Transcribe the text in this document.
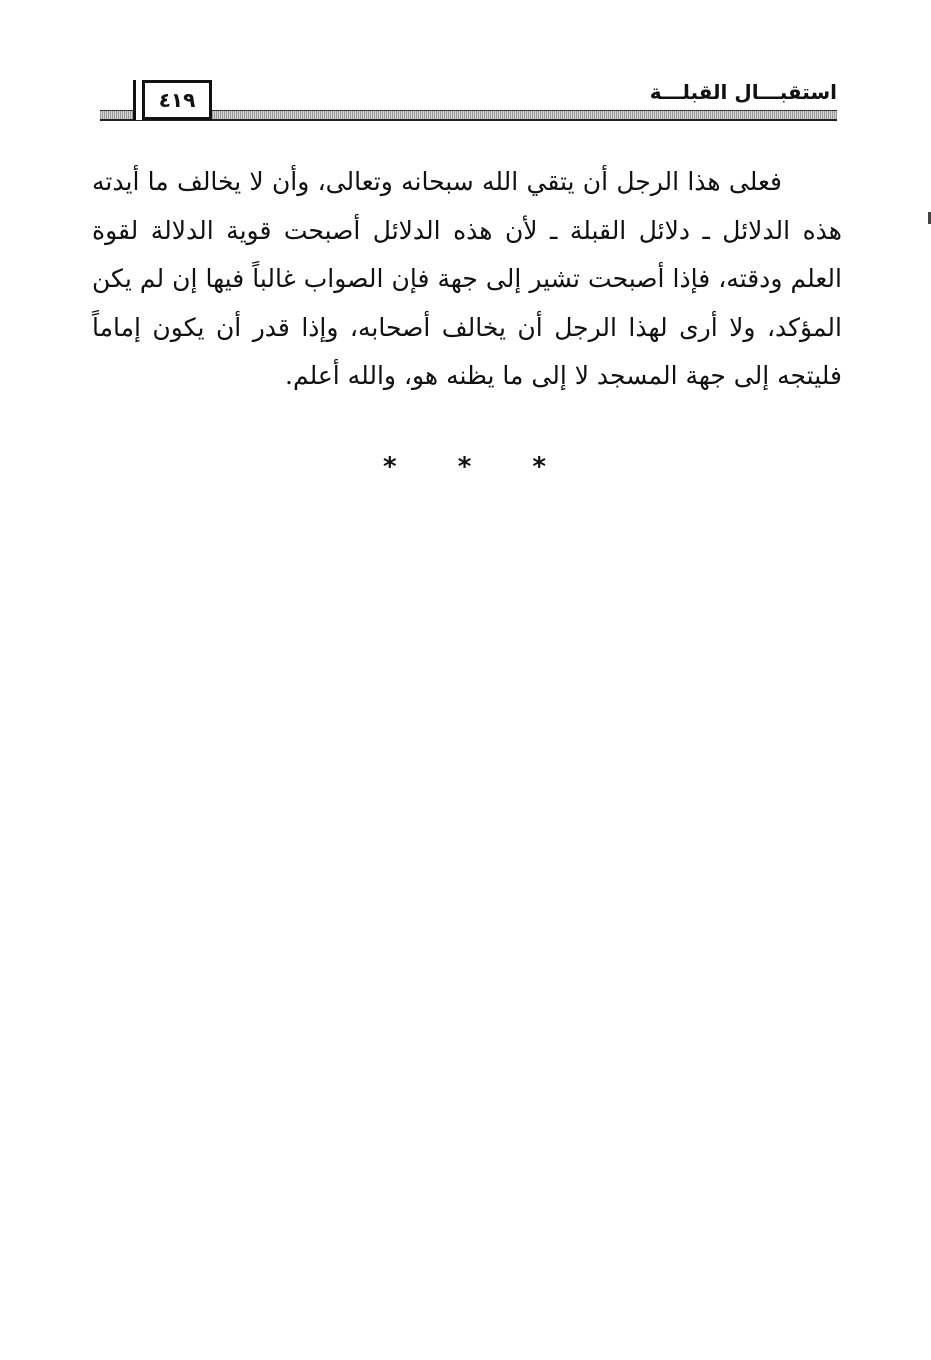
٤١٩	استقبـــال القبلـــة

فعلى هذا الرجل أن يتقي الله سبحانه وتعالى، وأن لا يخالف ما أيدته هذه الدلائل ـ دلائل القبلة ـ لأن هذه الدلائل أصبحت قوية الدلالة لقوة العلم ودقته، فإذا أصبحت تشير إلى جهة فإن الصواب غالباً فيها إن لم يكن المؤكد، ولا أرى لهذا الرجل أن يخالف أصحابه، وإذا قدر أن يكون إماماً فليتجه إلى جهة المسجد لا إلى ما يظنه هو، والله أعلم.

* * *
